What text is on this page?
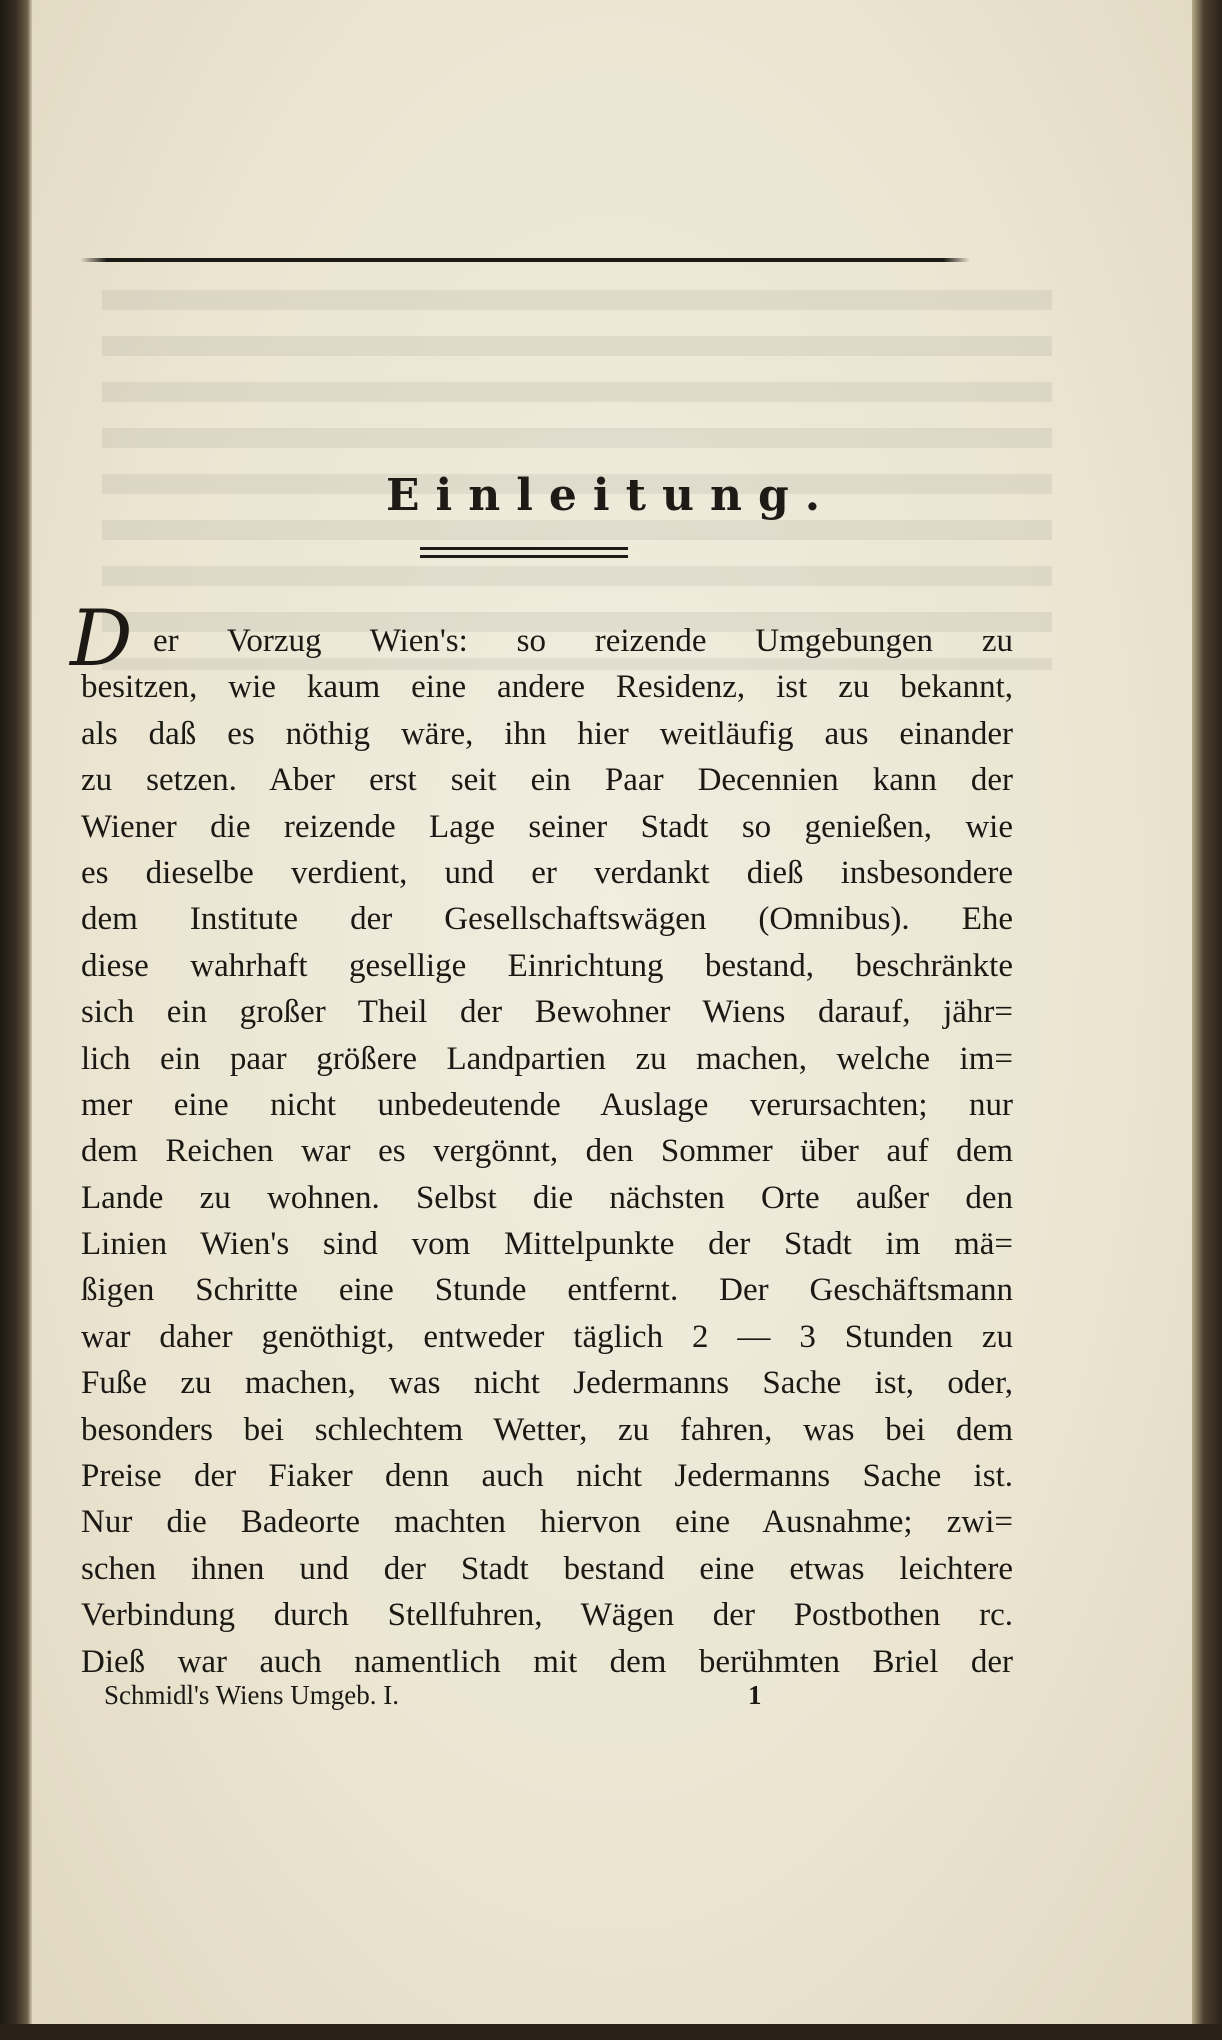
Einleitung.
D er Vorzug Wien's: so reizende Umgebungen zu
besitzen, wie kaum eine andere Residenz, ist zu bekannt,
als daß es nöthig wäre, ihn hier weitläufig aus einander
zu setzen. Aber erst seit ein Paar Decennien kann der
Wiener die reizende Lage seiner Stadt so genießen, wie
es dieselbe verdient, und er verdankt dieß insbesondere
dem Institute der Gesellschaftswägen (Omnibus). Ehe
diese wahrhaft gesellige Einrichtung bestand, beschränkte
sich ein großer Theil der Bewohner Wiens darauf, jähr=
lich ein paar größere Landpartien zu machen, welche im=
mer eine nicht unbedeutende Auslage verursachten; nur
dem Reichen war es vergönnt, den Sommer über auf dem
Lande zu wohnen. Selbst die nächsten Orte außer den
Linien Wien's sind vom Mittelpunkte der Stadt im mä=
ßigen Schritte eine Stunde entfernt. Der Geschäftsmann
war daher genöthigt, entweder täglich 2 — 3 Stunden zu
Fuße zu machen, was nicht Jedermanns Sache ist, oder,
besonders bei schlechtem Wetter, zu fahren, was bei dem
Preise der Fiaker denn auch nicht Jedermanns Sache ist.
Nur die Badeorte machten hiervon eine Ausnahme; zwi=
schen ihnen und der Stadt bestand eine etwas leichtere
Verbindung durch Stellfuhren, Wägen der Postbothen rc.
Dieß war auch namentlich mit dem berühmten Briel der
Schmidl's Wiens Umgeb. I.	1
